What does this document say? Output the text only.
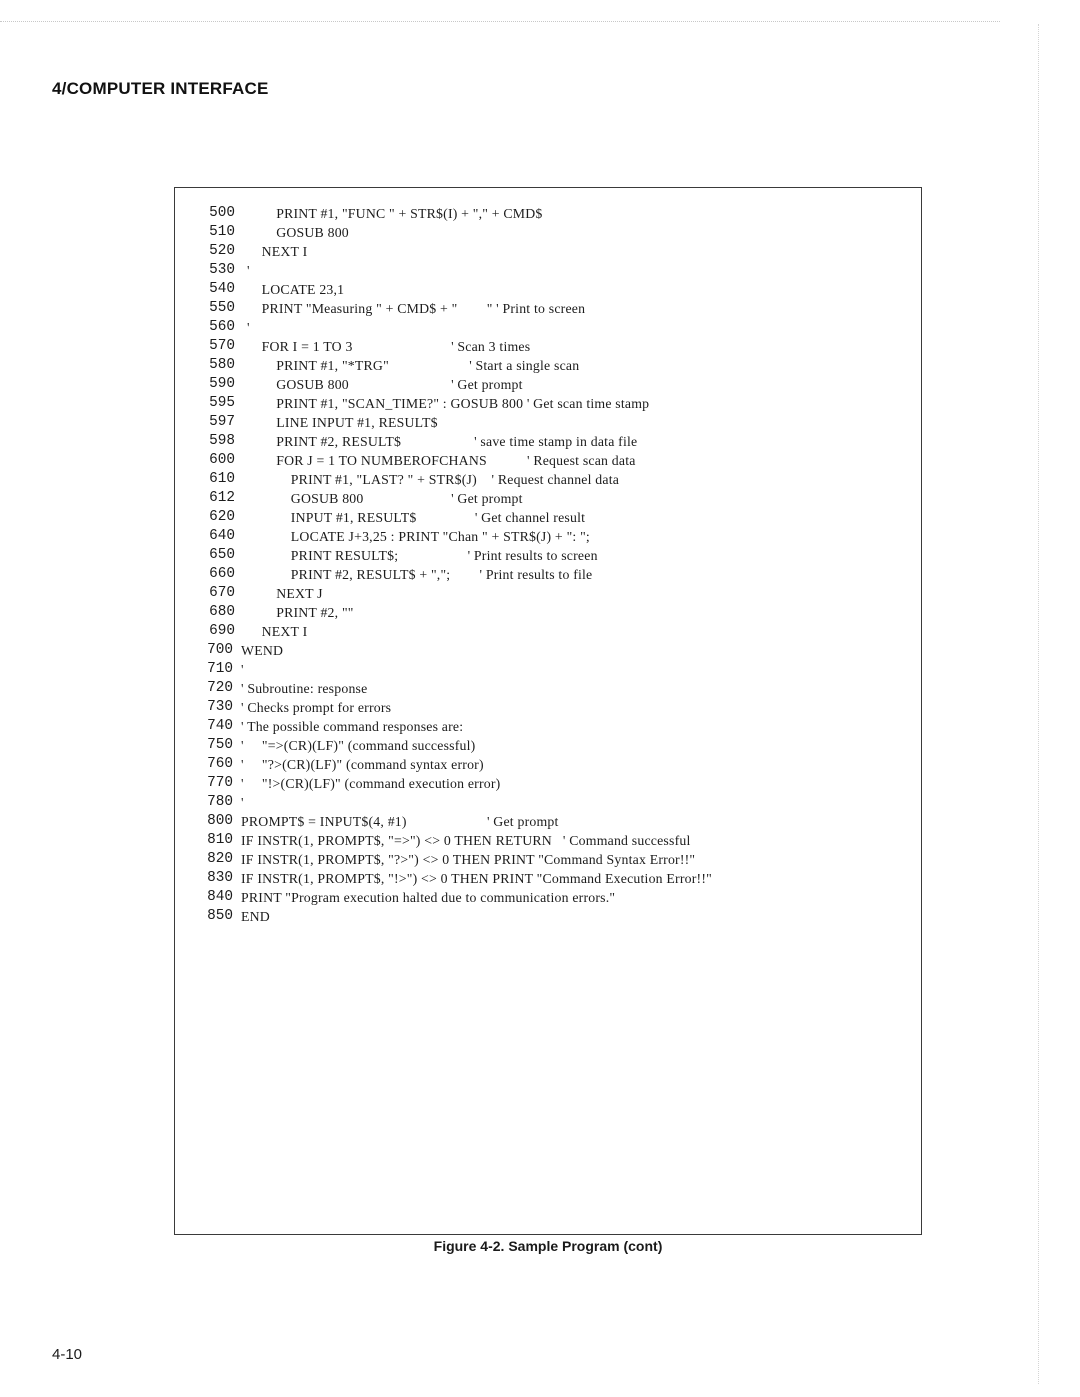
4/COMPUTER INTERFACE
500 PRINT #1, "FUNC " + STR$(I) + "," + CMD$
510 GOSUB 800
520 NEXT I
530 '
540 LOCATE 23,1
550 PRINT "Measuring " + CMD$ + "        " ' Print to screen
560 '
570 FOR I = 1 TO 3                           ' Scan 3 times
580 PRINT #1, "*TRG"                      ' Start a single scan
590 GOSUB 800                            ' Get prompt
595 PRINT #1, "SCAN_TIME?" : GOSUB 800 ' Get scan time stamp
597 LINE INPUT #1, RESULT$
598 PRINT #2, RESULT$                    ' save time stamp in data file
600 FOR J = 1 TO NUMBEROFCHANS           ' Request scan data
610 PRINT #1, "LAST? " + STR$(J)    ' Request channel data
612 GOSUB 800                        ' Get prompt
620 INPUT #1, RESULT$                ' Get channel result
640 LOCATE J+3,25 : PRINT "Chan " + STR$(J) + ": ";
650 PRINT RESULT$;                   ' Print results to screen
660 PRINT #2, RESULT$ + ",";        ' Print results to file
670 NEXT J
680 PRINT #2, ""
690 NEXT I
700 WEND
710 '
720 ' Subroutine: response
730 ' Checks prompt for errors
740 ' The possible command responses are:
750 '     "=>(CR)(LF)" (command successful)
760 '     "?>(CR)(LF)" (command syntax error)
770 '     "!>(CR)(LF)" (command execution error)
780 '
800 PROMPT$ = INPUT$(4, #1)                      ' Get prompt
810 IF INSTR(1, PROMPT$, "=>") <> 0 THEN RETURN   ' Command successful
820 IF INSTR(1, PROMPT$, "?>") <> 0 THEN PRINT "Command Syntax Error!!"
830 IF INSTR(1, PROMPT$, "!>") <> 0 THEN PRINT "Command Execution Error!!"
840 PRINT "Program execution halted due to communication errors."
850 END

Figure 4-2. Sample Program (cont)

4-10
